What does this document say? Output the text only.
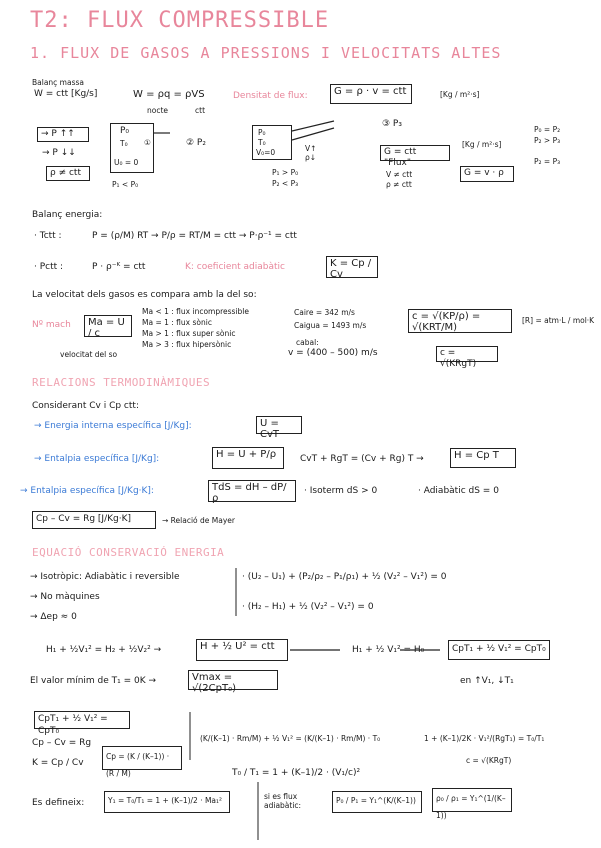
T2: FLUX COMPRESSIBLE
1. FLUX DE GASOS A PRESSIONS I VELOCITATS ALTES
Balanç massa
W = ctt [Kg/s]	W = ρq = ρVS
nocte	ctt
Densitat de flux:	G = ρ · v = ctt	[Kg / m²·s]
→ P ↑↑
→ P ↓↓
ρ ≠ ctt
P₀
T₀
U₀ = 0
①
P₁ < P₀
② P₂
P₀
T₀
V₀=0	V↑ ρ↓
P₁ > P₀
P₂ < P₃
③ P₃
G = ctt "Flux"
[Kg / m²·s]
V ≠ ctt
ρ ≠ ctt
G = v · ρ
P₀ = P₂
P₂ > P₃
P₂ = P₃
Balanç energia:
· Tctt :	P = (ρ/M) RT → P/ρ = RT/M = ctt → P·ρ⁻¹ = ctt
· Pctt :	P · ρ⁻ᴷ = ctt	K: coeficient adiabàtic	K = Cp / Cv
La velocitat dels gasos es compara amb la del so:
Nº mach	Ma = U / c
velocitat del so
Ma < 1 : flux incompressible
Ma = 1 : flux sònic
Ma > 1 : flux super sònic
Ma > 3 : flux hipersònic
Caire = 342 m/s
Caigua = 1493 m/s
c = √(KP/ρ) = √(KRT/M)
[R] = atm·L / mol·K
cabal:
v = (400 – 500) m/s	c = √(KRgT)
RELACIONS TERMODINÀMIQUES
Considerant Cv i Cp ctt:
→ Energia interna específica [J/Kg]:	U = CvT
→ Entalpia específica [J/Kg]:	H = U + P/ρ	CvT + RgT = (Cv + Rg) T →	H = Cp T
→ Entalpia específica [J/Kg·K]:	TdS = dH – dP/ρ
· Isoterm dS > 0	· Adiabàtic dS = 0
Cp – Cv = Rg [J/Kg·K]	→ Relació de Mayer
EQUACIÓ CONSERVACIÓ ENERGIA
→ Isotròpic: Adiabàtic i reversible
→ No màquines
→ Δep ≈ 0
· (U₂ – U₁) + (P₂/ρ₂ – P₁/ρ₁) + ½ (V₂² – V₁²) = 0
· (H₂ – H₁) + ½ (V₂² – V₁²) = 0
H₁ + ½V₁² = H₂ + ½V₂² →	H + ½ U² = ctt	H₁ + ½ V₁² = H₀	CpT₁ + ½ V₁² = CpT₀
El valor mínim de T₁ = 0K →	Vmax = √(2CpT₀)
en ↑V₁, ↓T₁
CpT₁ + ½ V₁² = CpT₀
Cp – Cv = Rg
K = Cp / Cv
Cp = (K / (K–1)) · (R / M)
(K/(K–1) · Rm/M) + ½ V₁² = (K/(K–1) · Rm/M) · T₀	1 + (K–1)/2K · V₁²/(RgT₁) = T₀/T₁
c = √(KRgT)
T₀ / T₁ = 1 + (K–1)/2 · (V₁/c)²
Es defineix:	Y₁ = T₀/T₁ = 1 + (K–1)/2 · Ma₁²	si es flux adiabàtic:
P₀ / P₁ = Y₁^(K/(K–1))	ρ₀ / ρ₁ = Y₁^(1/(K–1))
